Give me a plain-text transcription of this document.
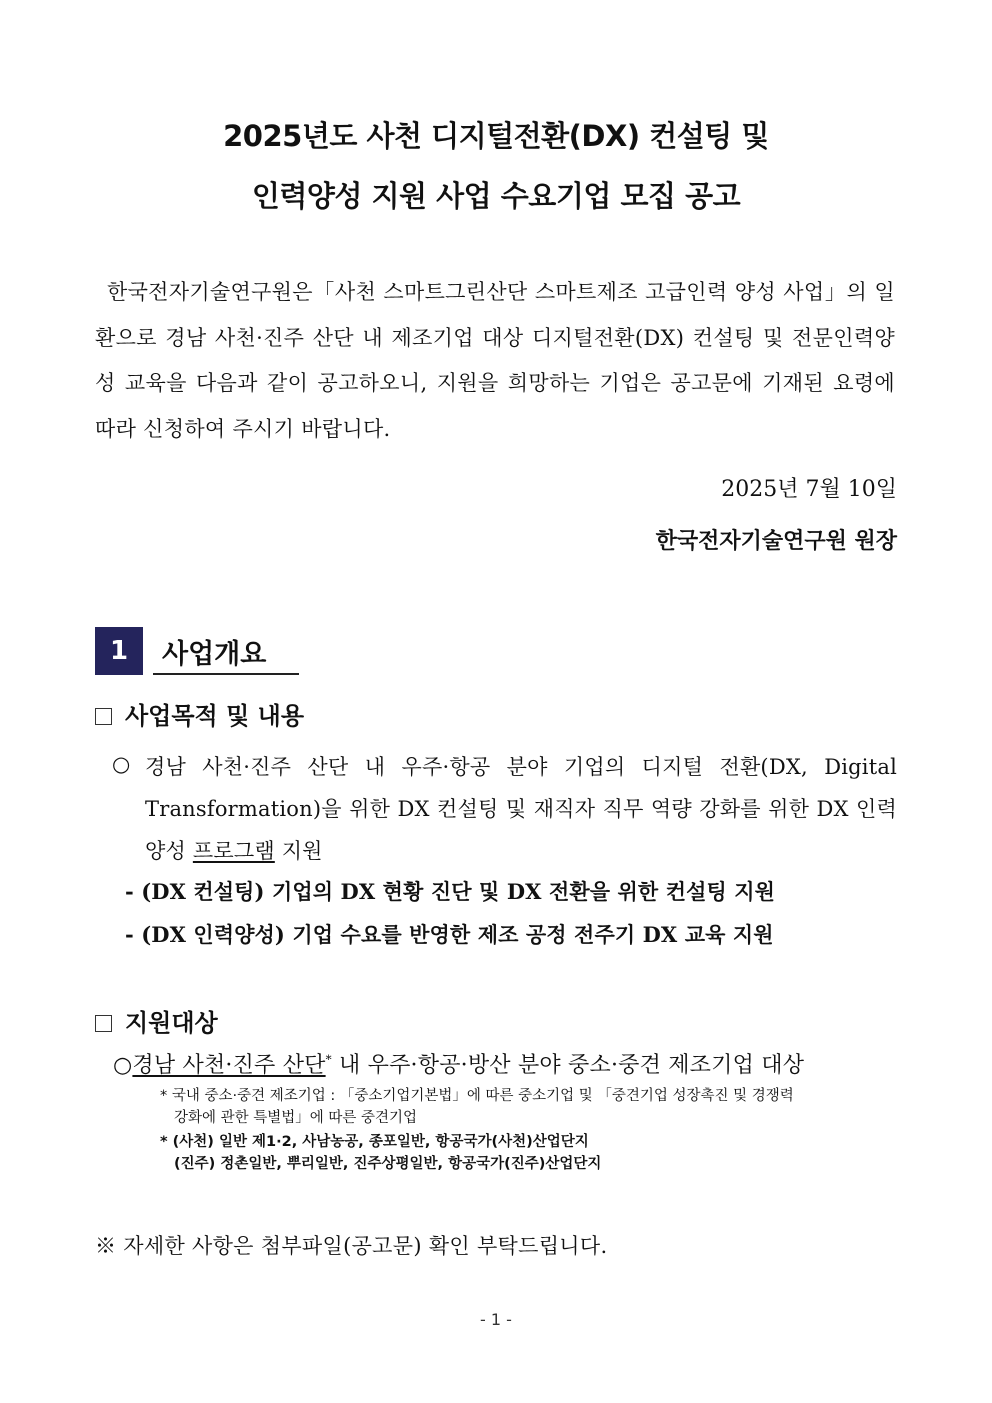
2025년도 사천 디지털전환(DX) 컨설팅 및
인력양성 지원 사업 수요기업 모집 공고
한국전자기술연구원은「사천 스마트그린산단 스마트제조 고급인력 양성 사업」의 일환으로 경남 사천·진주 산단 내 제조기업 대상 디지털전환(DX) 컨설팅 및 전문인력양성 교육을 다음과 같이 공고하오니, 지원을 희망하는 기업은 공고문에 기재된 요령에 따라 신청하여 주시기 바랍니다.
2025년 7월 10일
한국전자기술연구원 원장
1	사업개요
사업목적 및 내용
○ 경남 사천·진주 산단 내 우주·항공 분야 기업의 디지털 전환(DX, Digital Transformation)을 위한 DX 컨설팅 및 재직자 직무 역량 강화를 위한 DX 인력양성 프로그램 지원
- (DX 컨설팅) 기업의 DX 현황 진단 및 DX 전환을 위한 컨설팅 지원
- (DX 인력양성) 기업 수요를 반영한 제조 공정 전주기 DX 교육 지원
지원대상
○경남 사천·진주 산단* 내 우주·항공·방산 분야 중소·중견 제조기업 대상
* 국내 중소·중견 제조기업 : 「중소기업기본법」에 따른 중소기업 및 「중견기업 성장촉진 및 경쟁력
강화에 관한 특별법」에 따른 중견기업
* (사천) 일반 제1·2, 사남농공, 종포일반, 항공국가(사천)산업단지
(진주) 정촌일반, 뿌리일반, 진주상평일반, 항공국가(진주)산업단지
※ 자세한 사항은 첨부파일(공고문) 확인 부탁드립니다.
- 1 -
